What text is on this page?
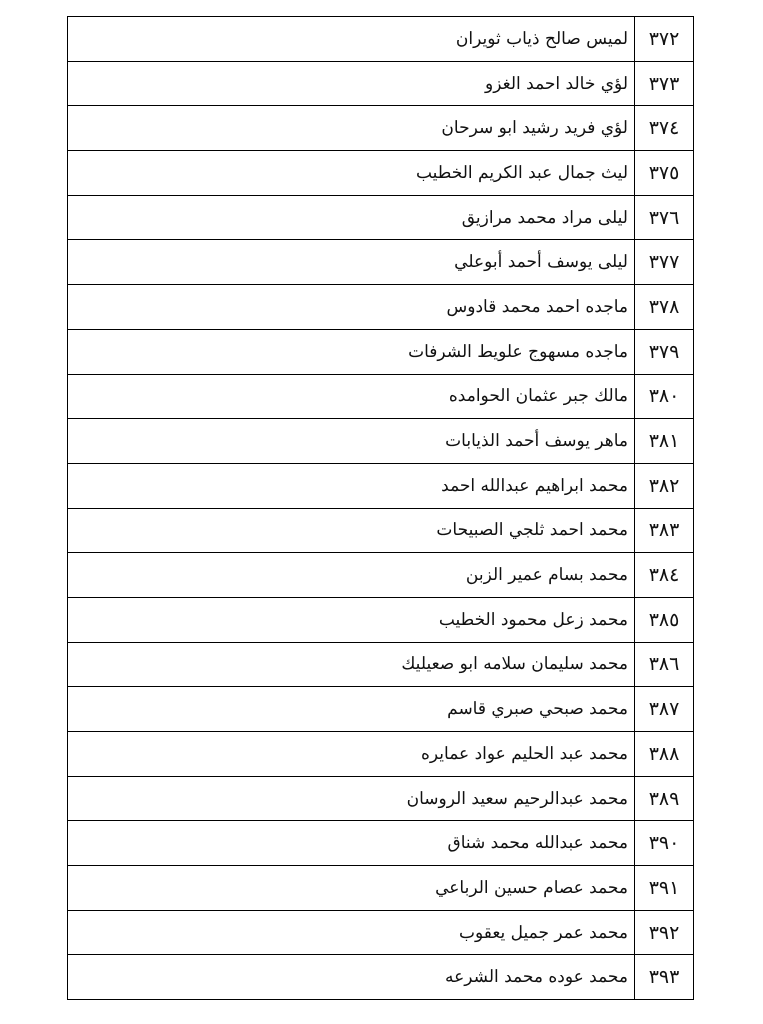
٣٧٢	لميس صالح ذياب ثويران
٣٧٣	لؤي خالد احمد الغزو
٣٧٤	لؤي فريد رشيد ابو سرحان
٣٧٥	ليث جمال عبد الكريم الخطيب
٣٧٦	ليلى مراد محمد مرازيق
٣٧٧	ليلى يوسف أحمد أبوعلي
٣٧٨	ماجده احمد محمد قادوس
٣٧٩	ماجده مسهوج علويط الشرفات
٣٨٠	مالك جبر عثمان الحوامده
٣٨١	ماهر يوسف أحمد الذيابات
٣٨٢	محمد ابراهيم عبدالله احمد
٣٨٣	محمد احمد ثلجي الصبيحات
٣٨٤	محمد بسام عمير الزبن
٣٨٥	محمد زعل محمود الخطيب
٣٨٦	محمد سليمان سلامه ابو صعيليك
٣٨٧	محمد صبحي صبري قاسم
٣٨٨	محمد عبد الحليم عواد عمايره
٣٨٩	محمد عبدالرحيم سعيد الروسان
٣٩٠	محمد عبدالله محمد شناق
٣٩١	محمد عصام حسين الرباعي
٣٩٢	محمد عمر جميل يعقوب
٣٩٣	محمد عوده محمد الشرعه
